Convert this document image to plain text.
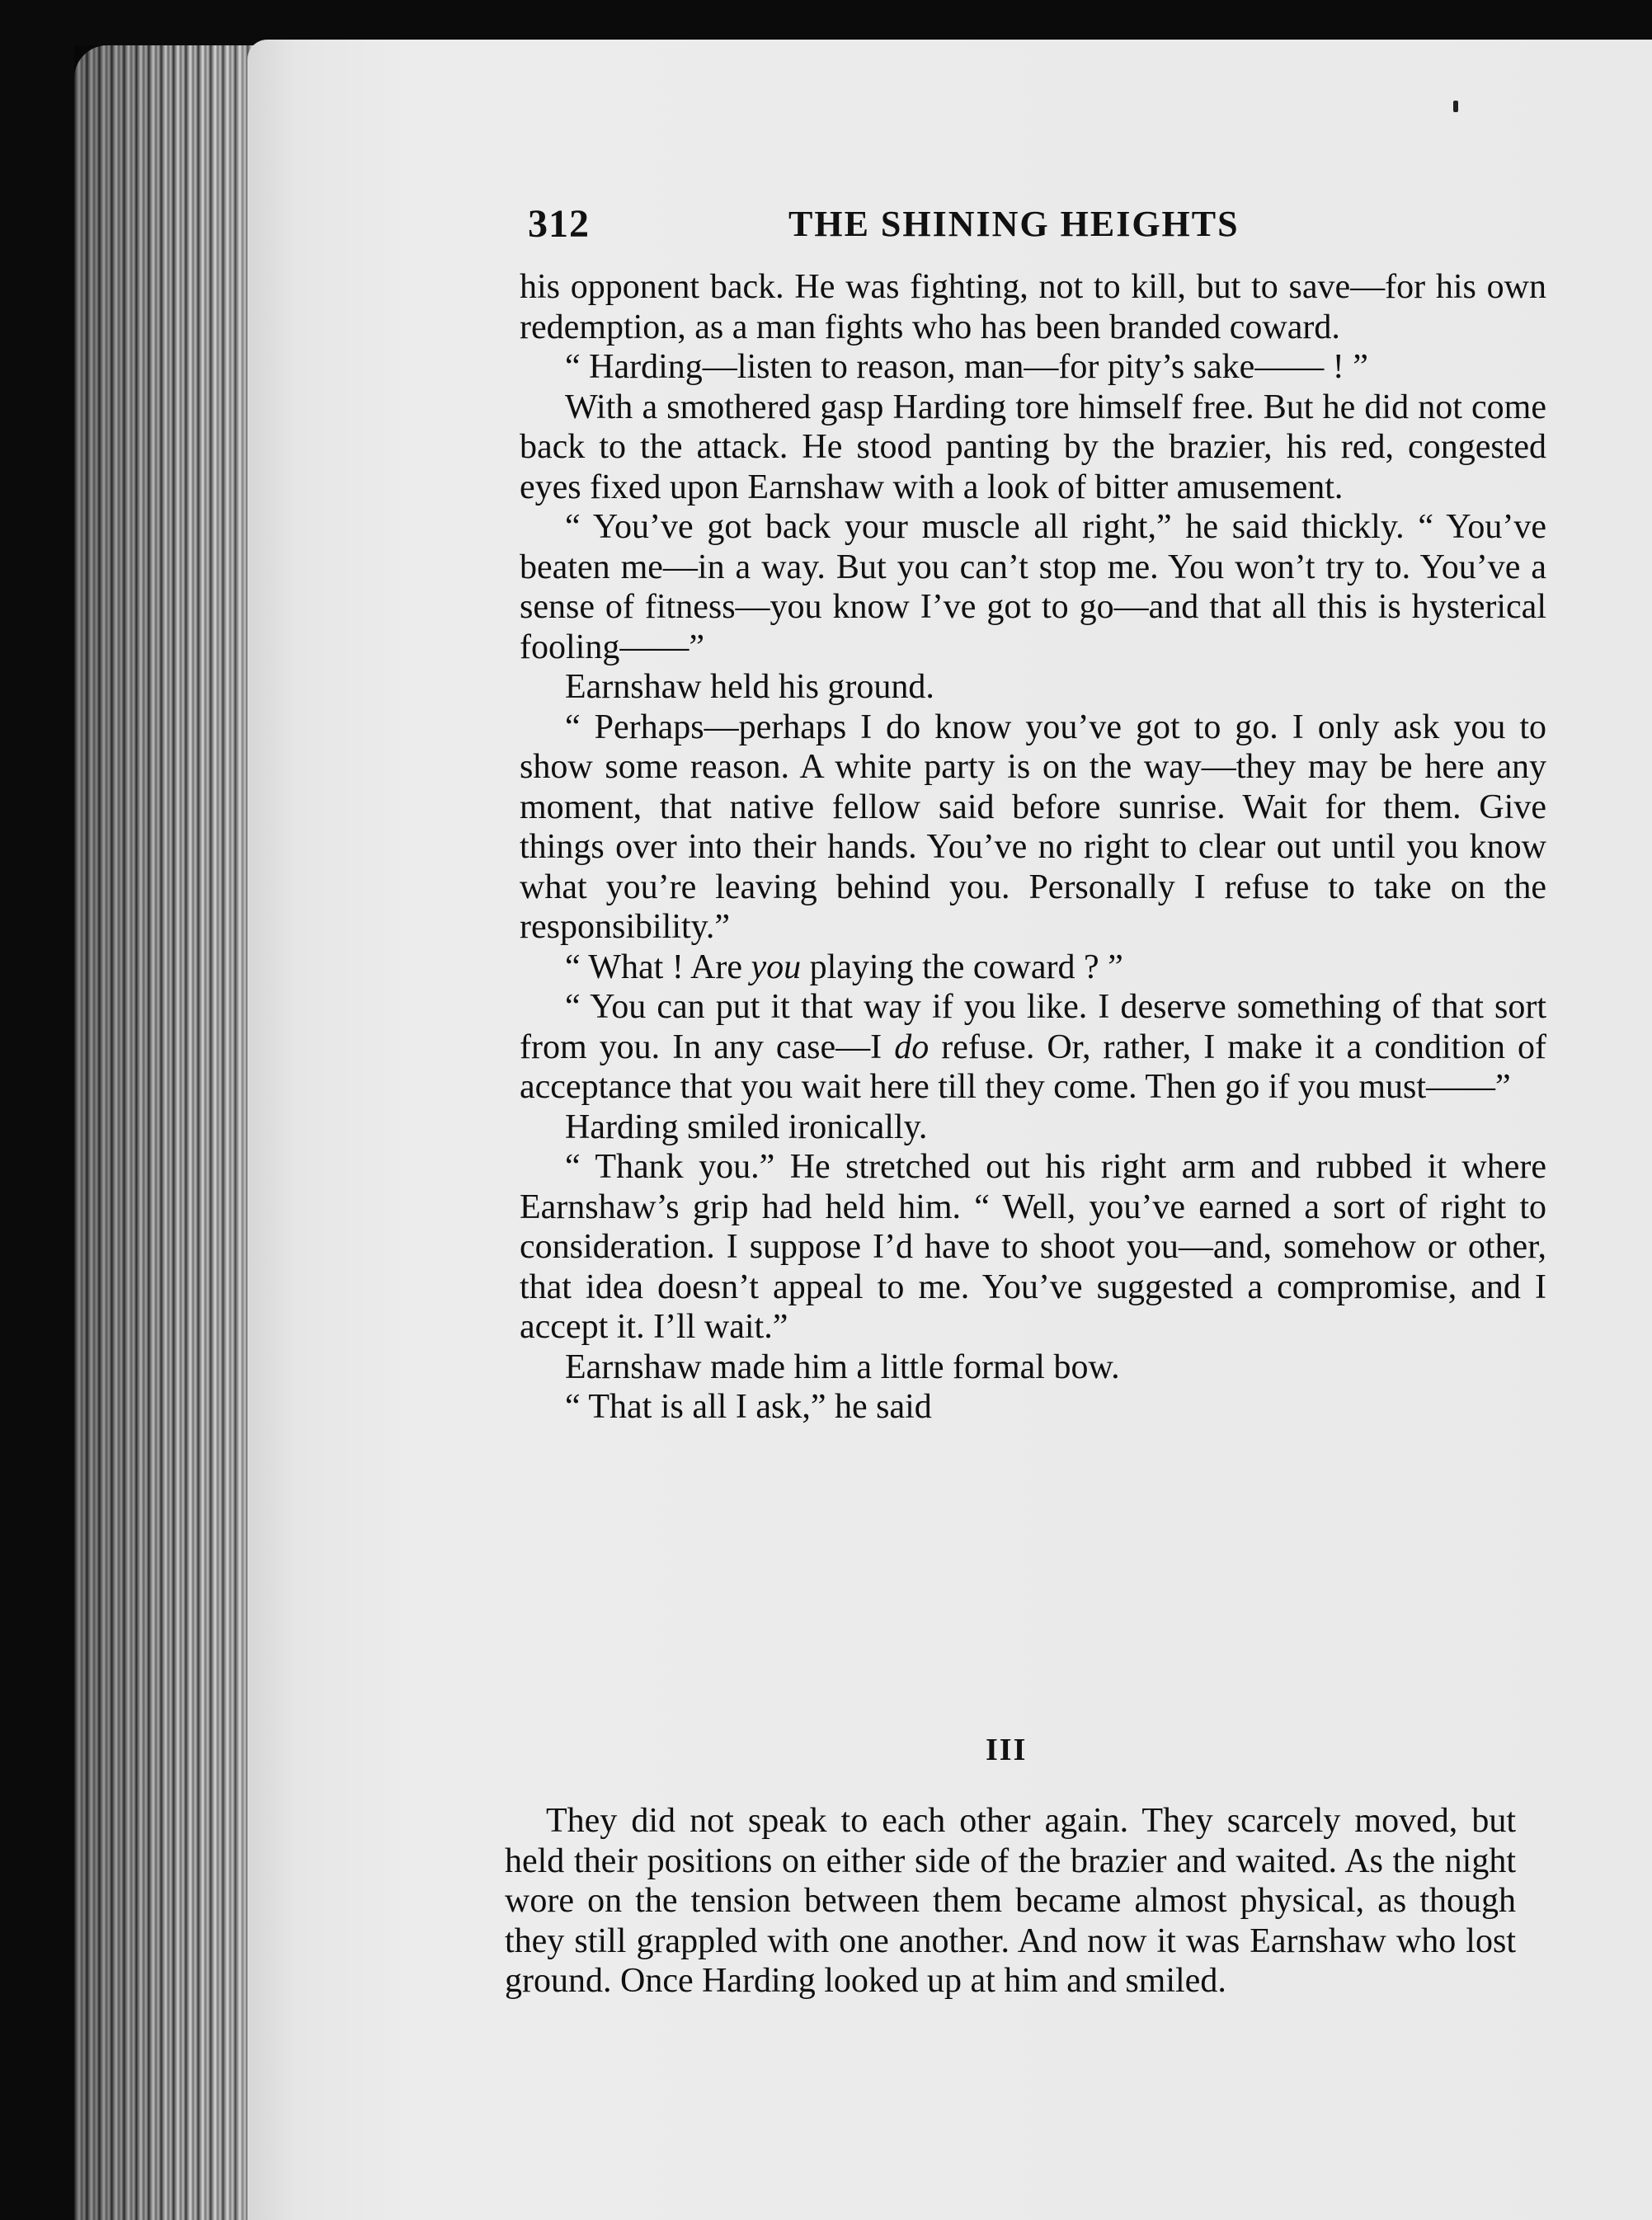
312	THE SHINING HEIGHTS

his opponent back. He was fighting, not to kill, but to save—for his own redemption, as a man fights who has been branded coward.

“ Harding—listen to reason, man—for pity’s sake—— ! ”

With a smothered gasp Harding tore himself free. But he did not come back to the attack. He stood panting by the brazier, his red, congested eyes fixed upon Earnshaw with a look of bitter amusement.

“ You’ve got back your muscle all right,” he said thickly. “ You’ve beaten me—in a way. But you can’t stop me. You won’t try to. You’ve a sense of fitness—you know I’ve got to go—and that all this is hysterical fooling——”

Earnshaw held his ground.

“ Perhaps—perhaps I do know you’ve got to go. I only ask you to show some reason. A white party is on the way—they may be here any moment, that native fellow said before sunrise. Wait for them. Give things over into their hands. You’ve no right to clear out until you know what you’re leaving behind you. Personally I refuse to take on the responsibility.”

“ What ! Are you playing the coward ? ”

“ You can put it that way if you like. I deserve something of that sort from you. In any case—I do refuse. Or, rather, I make it a condition of acceptance that you wait here till they come. Then go if you must——”

Harding smiled ironically.

“ Thank you.” He stretched out his right arm and rubbed it where Earnshaw’s grip had held him. “ Well, you’ve earned a sort of right to consideration. I suppose I’d have to shoot you—and, somehow or other, that idea doesn’t appeal to me. You’ve suggested a compromise, and I accept it. I’ll wait.”

Earnshaw made him a little formal bow.

“ That is all I ask,” he said

III

They did not speak to each other again. They scarcely moved, but held their positions on either side of the brazier and waited. As the night wore on the tension between them became almost physical, as though they still grappled with one another. And now it was Earnshaw who lost ground. Once Harding looked up at him and smiled.
